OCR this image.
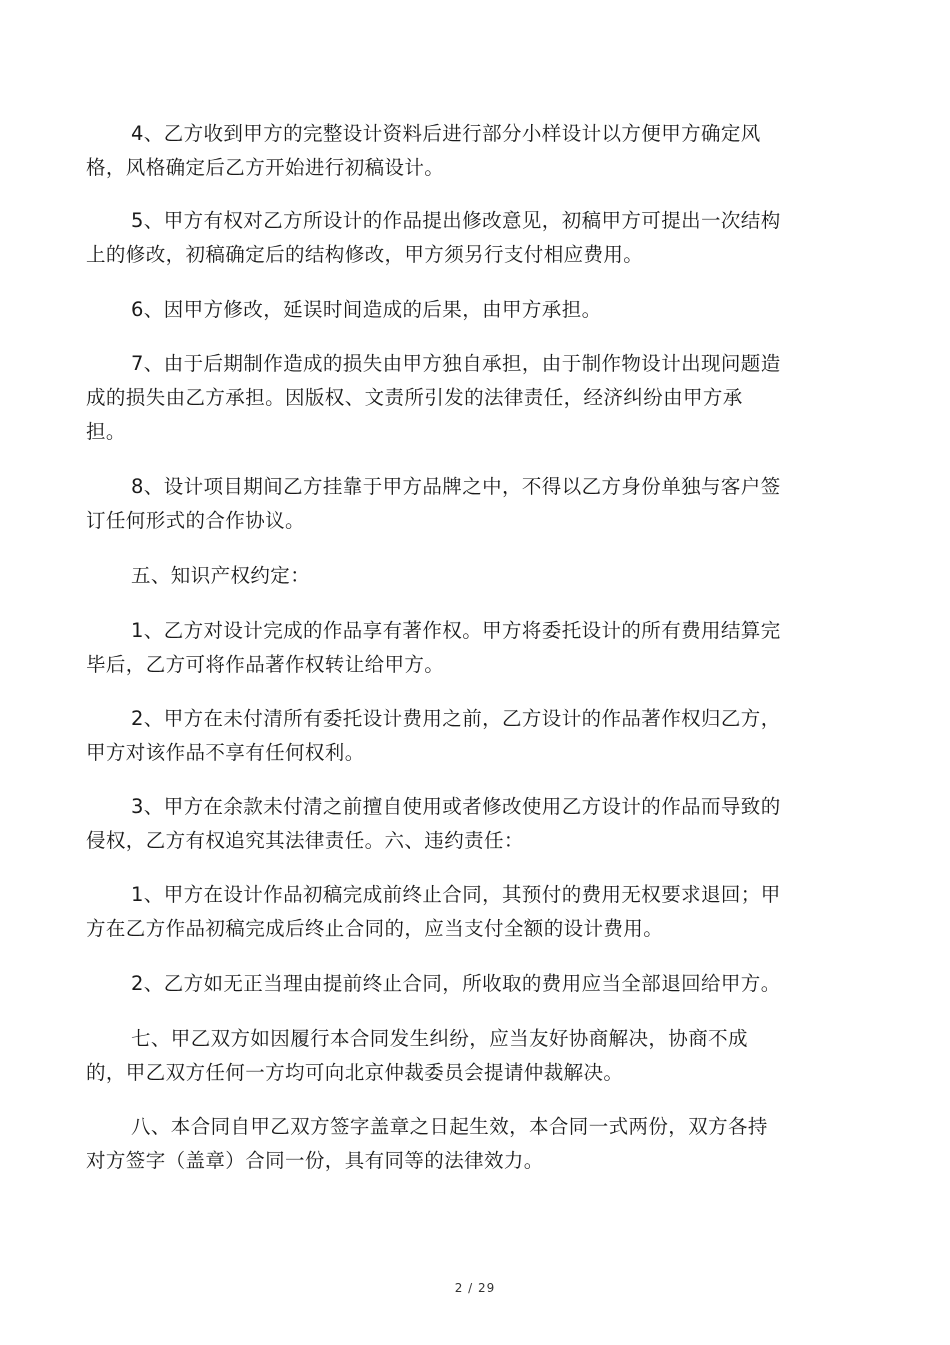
4、乙方收到甲方的完整设计资料后进行部分小样设计以方便甲方确定风
格，风格确定后乙方开始进行初稿设计。

5、甲方有权对乙方所设计的作品提出修改意见，初稿甲方可提出一次结构
上的修改，初稿确定后的结构修改，甲方须另行支付相应费用。

6、因甲方修改，延误时间造成的后果，由甲方承担。

7、由于后期制作造成的损失由甲方独自承担，由于制作物设计出现问题造
成的损失由乙方承担。因版权、文责所引发的法律责任，经济纠纷由甲方承
担。

8、设计项目期间乙方挂靠于甲方品牌之中，不得以乙方身份单独与客户签
订任何形式的合作协议。

五、知识产权约定：

1、乙方对设计完成的作品享有著作权。甲方将委托设计的所有费用结算完
毕后，乙方可将作品著作权转让给甲方。

2、甲方在未付清所有委托设计费用之前，乙方设计的作品著作权归乙方，
甲方对该作品不享有任何权利。

3、甲方在余款未付清之前擅自使用或者修改使用乙方设计的作品而导致的
侵权，乙方有权追究其法律责任。六、违约责任：

1、甲方在设计作品初稿完成前终止合同，其预付的费用无权要求退回；甲
方在乙方作品初稿完成后终止合同的，应当支付全额的设计费用。

2、乙方如无正当理由提前终止合同，所收取的费用应当全部退回给甲方。

七、甲乙双方如因履行本合同发生纠纷，应当友好协商解决，协商不成
的，甲乙双方任何一方均可向北京仲裁委员会提请仲裁解决。

八、本合同自甲乙双方签字盖章之日起生效，本合同一式两份，双方各持
对方签字（盖章）合同一份，具有同等的法律效力。

2 / 29
